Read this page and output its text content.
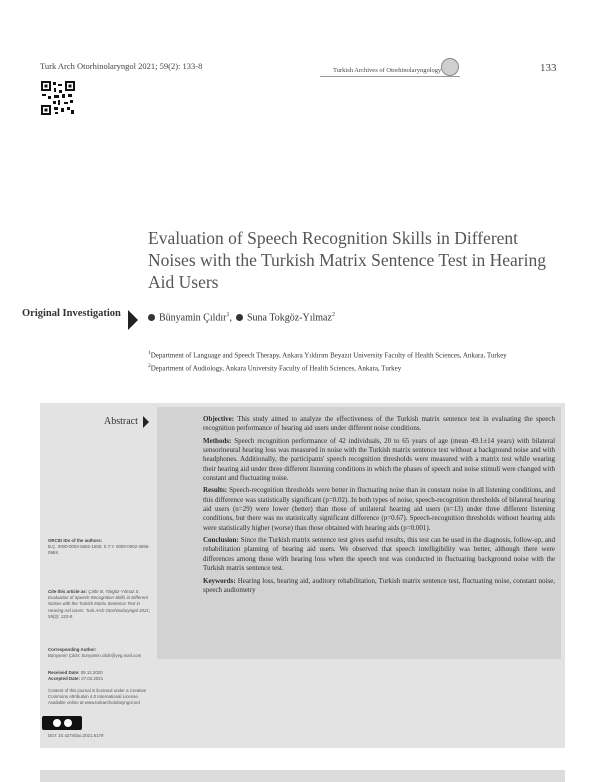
Turk Arch Otorhinolaryngol 2021; 59(2): 133-8	Turkish Archives of Otorhinolaryngology	133
Evaluation of Speech Recognition Skills in Different Noises with the Turkish Matrix Sentence Test in Hearing Aid Users
Original Investigation	Bünyamin Çıldır$^1$, Suna Tokgöz-Yılmaz$^2$

$^1$Department of Language and Speech Therapy, Ankara Yıldırım Beyazıt University Faculty of Health Sciences, Ankara, Turkey

$^2$Department of Audiology, Ankara University Faculty of Health Sciences, Ankara, Turkey

Abstract	Objective: This study aimed to analyze the effectiveness of the Turkish matrix sentence test in evaluating the speech recognition performance of hearing aid users under different noise conditions.

Methods: Speech recognition performance of 42 individuals, 20 to 65 years of age (mean 49.1±14 years) with bilateral sensorineural hearing loss was measured in noise with the Turkish matrix sentence test without a background noise and with headphones. Additionally, the participants' speech recognition thresholds were measured with a matrix test while wearing their hearing aid under three different listening conditions in which the phases of speech and noise stimuli were changed with constant and fluctuating noise.

Results: Speech-recognition thresholds were better in fluctuating noise than in constant noise in all listening conditions, and this difference was statistically significant (p=0.02). In both types of noise, speech-recognition thresholds of bilateral hearing aid users (n=29) were lower (better) than those of unilateral hearing aid users (n=13) under three different listening conditions, but there was no statistically significant difference (p=0.67). Speech-recognition thresholds without hearing aids were statistically higher (worse) than those obtained with hearing aids (p=0.001).

Conclusion: Since the Turkish matrix sentence test gives useful results, this test can be used in the diagnosis, follow-up, and rehabilitation planning of hearing aid users. We observed that speech intelligibility was better, although there were differences among those with hearing loss when the speech test was conducted in fluctuating background noise with the Turkish matrix sentence test.

Keywords: Hearing loss, hearing aid, auditory rehabilitation, Turkish matrix sentence test, fluctuating noise, constant noise, speech audiometry

ORCID IDs of the authors:
B.Ç. 0000-0002-5652-1650; S.T.Y. 0000-0002-4656-099X.
Cite this article as: Çıldır B, Tokgöz-Yılmaz S. Evaluation of Speech Recognition Skills in Different Noises with the Turkish Matrix Sentence Test in Hearing Aid Users. Turk Arch Otorhinolaryngol 2021; 59(2): 133-8.
Corresponding Author:
Bünyamin Çıldır; bunyamin.cildir@yeg.mail.com
Received Date: 09.12.2020
Accepted Date: 27.02.2021
Content of this journal is licensed under a Creative Commons Attribution 4.0 International License. Available online at www.turkarchotolaryngol.net
DOI: 10.4274/tao.2021.6179
